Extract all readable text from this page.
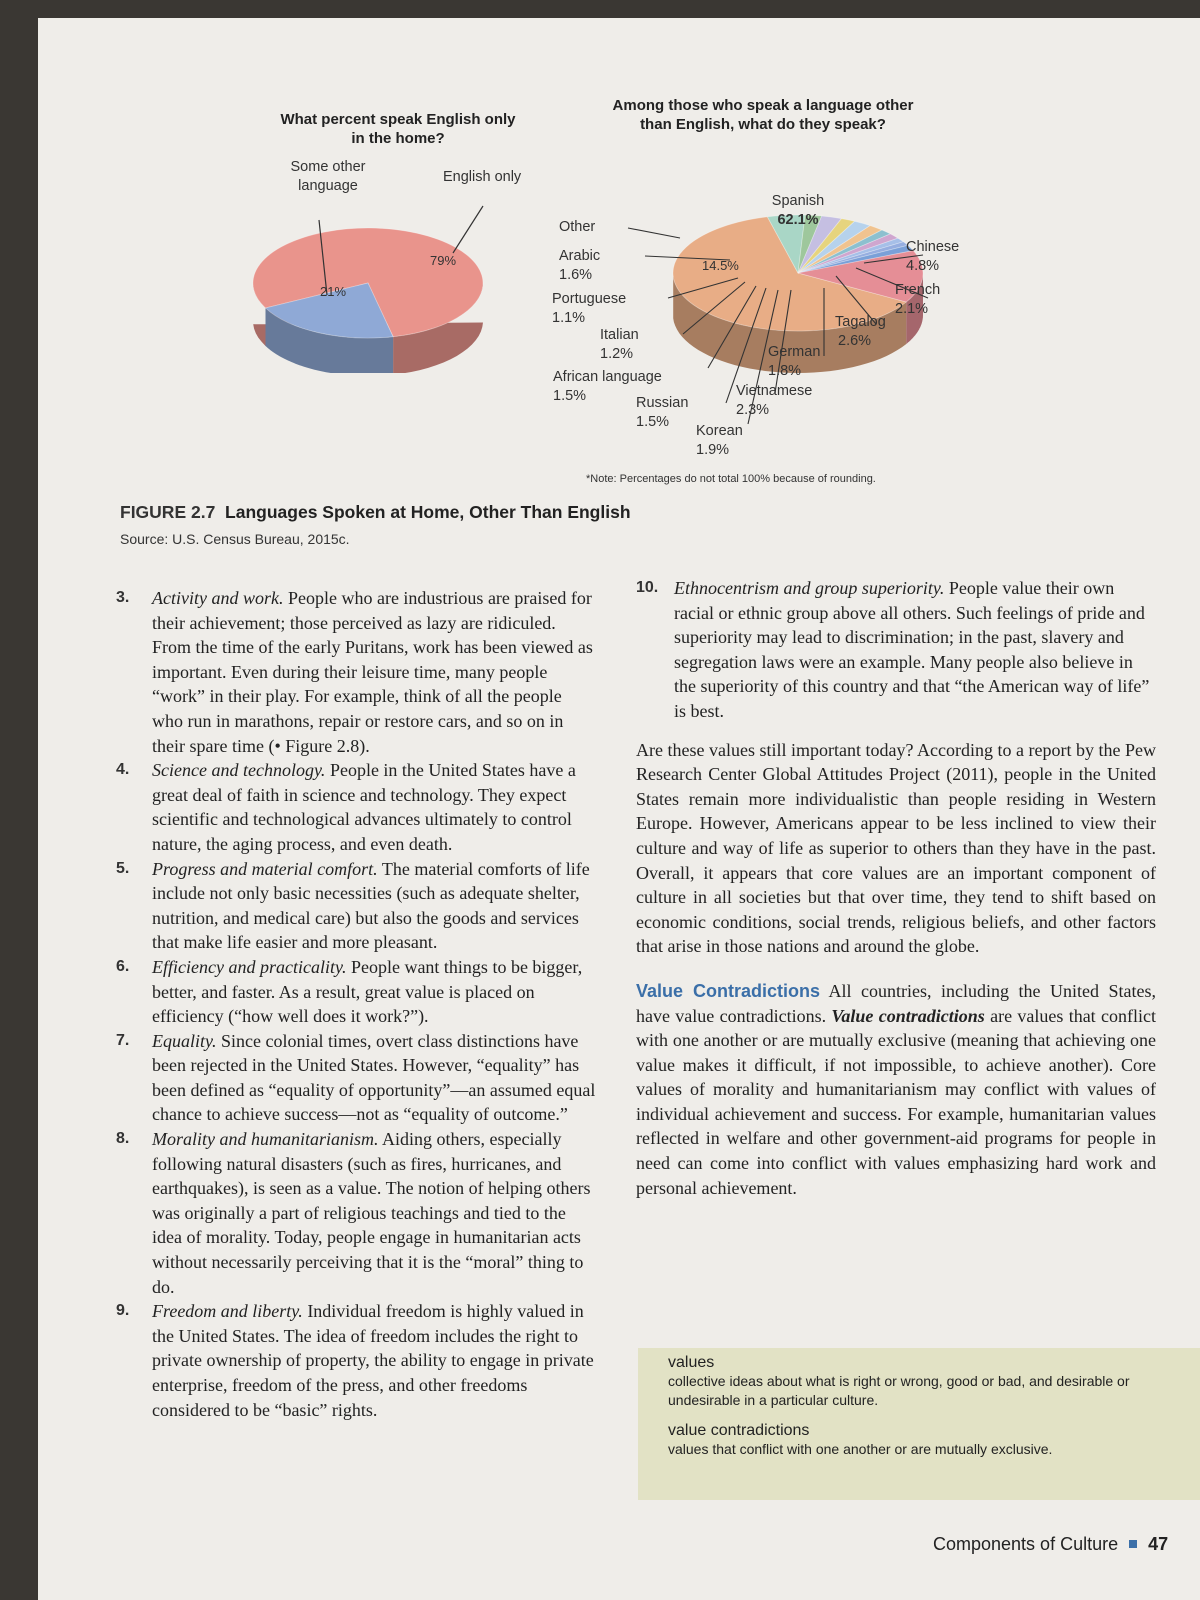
What percent speak English only in the home?
Some other language
English only
79%
21%
Among those who speak a language other than English, what do they speak?
Spanish
62.1%
14.5%
Other
Arabic
1.6%
Portuguese
1.1%
Italian
1.2%
African language
1.5%	Russian
1.5%
Korean
1.9%
Vietnamese
2.3%
German
1.8%
Tagalog
2.6%
French
2.1%
Chinese
4.8%
*Note: Percentages do not total 100% because of rounding.
FIGURE 2.7 Languages Spoken at Home, Other Than English
Source: U.S. Census Bureau, 2015c.
3. Activity and work. People who are industrious are praised for their achievement; those perceived as lazy are ridiculed. From the time of the early Puritans, work has been viewed as important. Even during their leisure time, many people “work” in their play. For example, think of all the people who run in marathons, repair or restore cars, and so on in their spare time (• Figure 2.8).
4. Science and technology. People in the United States have a great deal of faith in science and technology. They expect scientific and technological advances ultimately to control nature, the aging process, and even death.
5. Progress and material comfort. The material comforts of life include not only basic necessities (such as adequate shelter, nutrition, and medical care) but also the goods and services that make life easier and more pleasant.
6. Efficiency and practicality. People want things to be bigger, better, and faster. As a result, great value is placed on efficiency (“how well does it work?”).
7. Equality. Since colonial times, overt class distinctions have been rejected in the United States. However, “equality” has been defined as “equality of opportunity”—an assumed equal chance to achieve success—not as “equality of outcome.”
8. Morality and humanitarianism. Aiding others, especially following natural disasters (such as fires, hurricanes, and earthquakes), is seen as a value. The notion of helping others was originally a part of religious teachings and tied to the idea of morality. Today, people engage in humanitarian acts without necessarily perceiving that it is the “moral” thing to do.
9. Freedom and liberty. Individual freedom is highly valued in the United States. The idea of freedom includes the right to private ownership of property, the ability to engage in private enterprise, freedom of the press, and other freedoms considered to be “basic” rights.
10. Ethnocentrism and group superiority. People value their own racial or ethnic group above all others. Such feelings of pride and superiority may lead to discrimination; in the past, slavery and segregation laws were an example. Many people also believe in the superiority of this country and that “the American way of life” is best.

Are these values still important today? According to a report by the Pew Research Center Global Attitudes Project (2011), people in the United States remain more individualistic than people residing in Western Europe. However, Americans appear to be less inclined to view their culture and way of life as superior to others than they have in the past. Overall, it appears that core values are an important component of culture in all societies but that over time, they tend to shift based on economic conditions, social trends, religious beliefs, and other factors that arise in those nations and around the globe.

Value Contradictions All countries, including the United States, have value contradictions. Value contradictions are values that conflict with one another or are mutually exclusive (meaning that achieving one value makes it difficult, if not impossible, to achieve another). Core values of morality and humanitarianism may conflict with values of individual achievement and success. For example, humanitarian values reflected in welfare and other government-aid programs for people in need can come into conflict with values emphasizing hard work and personal achievement.

values
collective ideas about what is right or wrong, good or bad, and desirable or undesirable in a particular culture.
value contradictions
values that conflict with one another or are mutually exclusive.
Components of Culture 47
